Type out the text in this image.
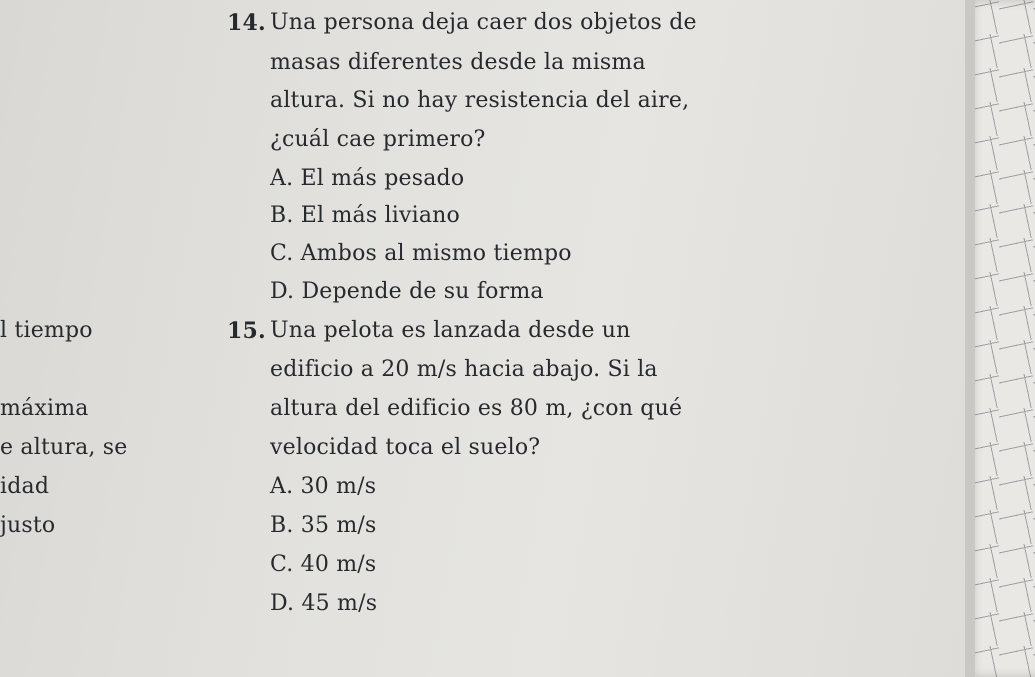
l tiempo
máxima
e altura, se
idad
justo
14. Una persona deja caer dos objetos de
masas diferentes desde la misma
altura. Si no hay resistencia del aire,
¿cuál cae primero?
A. El más pesado
B. El más liviano
C. Ambos al mismo tiempo
D. Depende de su forma
15. Una pelota es lanzada desde un
edificio a 20 m/s hacia abajo. Si la
altura del edificio es 80 m, ¿con qué
velocidad toca el suelo?
A. 30 m/s
B. 35 m/s
C. 40 m/s
D. 45 m/s
